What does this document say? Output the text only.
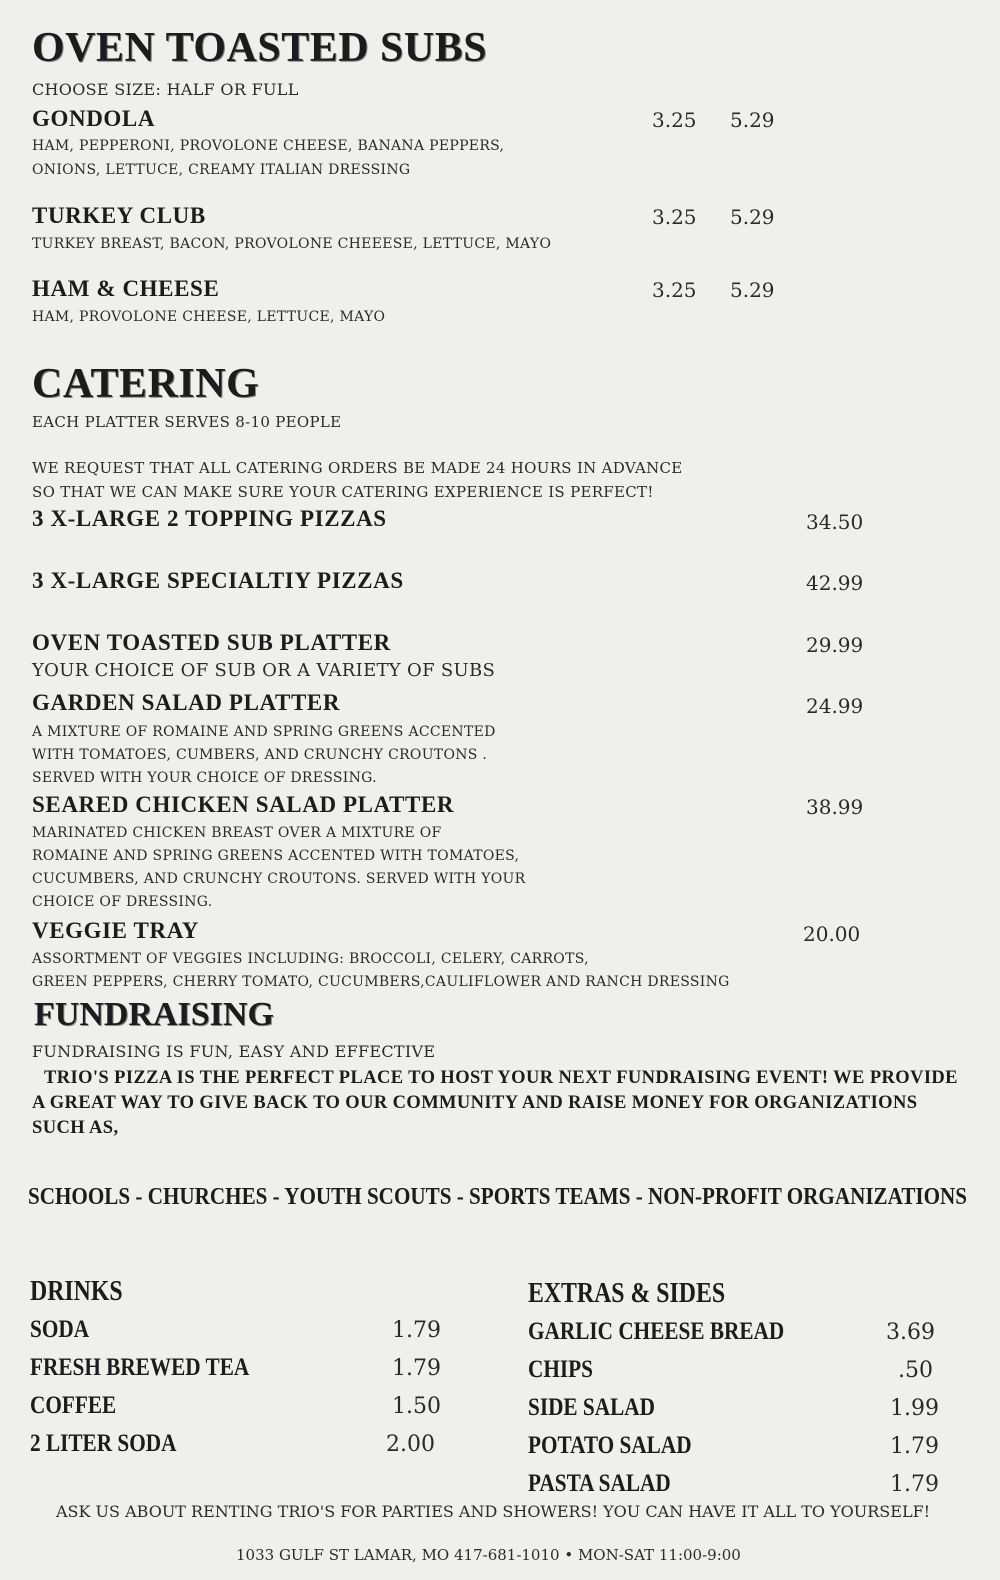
OVEN TOASTED SUBS
CHOOSE SIZE: HALF OR FULL
GONDOLA	3.25 5.29
HAM, PEPPERONI, PROVOLONE CHEESE, BANANA PEPPERS,
ONIONS, LETTUCE, CREAMY ITALIAN DRESSING
TURKEY CLUB	3.25 5.29
TURKEY BREAST, BACON, PROVOLONE CHEEESE, LETTUCE, MAYO
HAM & CHEESE	3.25 5.29
HAM, PROVOLONE CHEESE, LETTUCE, MAYO
CATERING
EACH PLATTER SERVES 8-10 PEOPLE
WE REQUEST THAT ALL CATERING ORDERS BE MADE 24 HOURS IN ADVANCE
SO THAT WE CAN MAKE SURE YOUR CATERING EXPERIENCE IS PERFECT!
3 X-LARGE 2 TOPPING PIZZAS	34.50
3 X-LARGE SPECIALTIY PIZZAS	42.99
OVEN TOASTED SUB PLATTER	29.99
YOUR CHOICE OF SUB OR A VARIETY OF SUBS
GARDEN SALAD PLATTER	24.99
A MIXTURE OF ROMAINE AND SPRING GREENS ACCENTED
WITH TOMATOES, CUMBERS, AND CRUNCHY CROUTONS .
SERVED WITH YOUR CHOICE OF DRESSING.
SEARED CHICKEN SALAD PLATTER	38.99
MARINATED CHICKEN BREAST OVER A MIXTURE OF
ROMAINE AND SPRING GREENS ACCENTED WITH TOMATOES,
CUCUMBERS, AND CRUNCHY CROUTONS. SERVED WITH YOUR
CHOICE OF DRESSING.
VEGGIE TRAY	20.00
ASSORTMENT OF VEGGIES INCLUDING: BROCCOLI, CELERY, CARROTS,
GREEN PEPPERS, CHERRY TOMATO, CUCUMBERS,CAULIFLOWER AND RANCH DRESSING
FUNDRAISING
FUNDRAISING IS FUN, EASY AND EFFECTIVE
TRIO'S PIZZA IS THE PERFECT PLACE TO HOST YOUR NEXT FUNDRAISING EVENT! WE PROVIDE A GREAT WAY TO GIVE BACK TO OUR COMMUNITY AND RAISE MONEY FOR ORGANIZATIONS SUCH AS,
SCHOOLS - CHURCHES - YOUTH SCOUTS - SPORTS TEAMS - NON-PROFIT ORGANIZATIONS
DRINKS
SODA	1.79
FRESH BREWED TEA	1.79
COFFEE	1.50
2 LITER SODA	2.00
EXTRAS & SIDES
GARLIC CHEESE BREAD	3.69
CHIPS	.50
SIDE SALAD	1.99
POTATO SALAD	1.79
PASTA SALAD	1.79
ASK US ABOUT RENTING TRIO'S FOR PARTIES AND SHOWERS! YOU CAN HAVE IT ALL TO YOURSELF!
1033 GULF ST LAMAR, MO 417-681-1010 • MON-SAT 11:00-9:00
